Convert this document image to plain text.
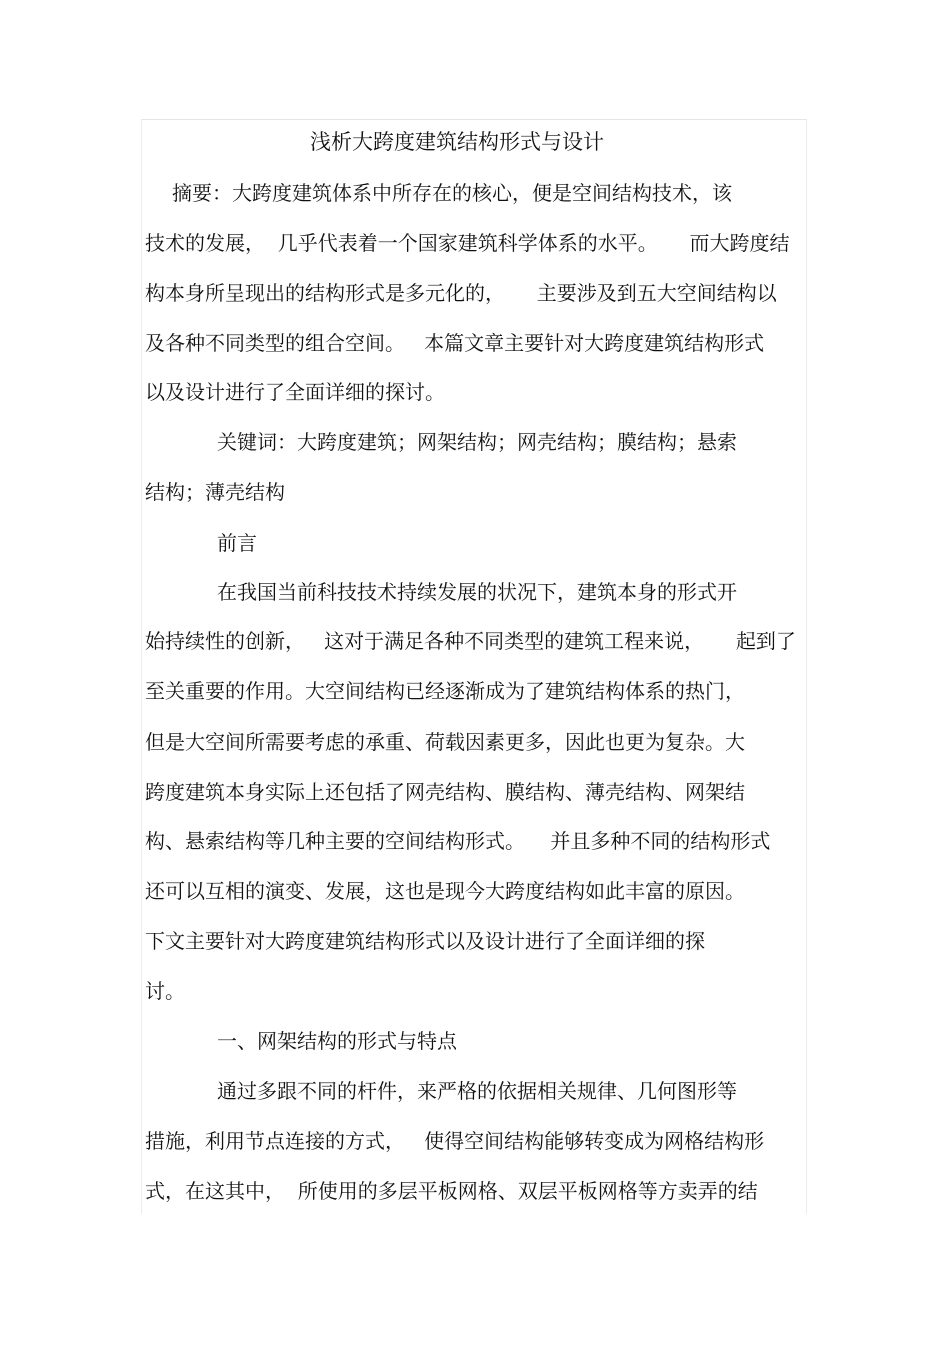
浅析大跨度建筑结构形式与设计
摘要：大跨度建筑体系中所存在的核心，便是空间结构技术，该
技术的发展，  几乎代表着一个国家建筑科学体系的水平。     而大跨度结
构本身所呈现出的结构形式是多元化的，     主要涉及到五大空间结构以
及各种不同类型的组合空间。   本篇文章主要针对大跨度建筑结构形式
以及设计进行了全面详细的探讨。
关键词：大跨度建筑；网架结构；网壳结构；膜结构；悬索
结构；薄壳结构
前言
在我国当前科技技术持续发展的状况下，建筑本身的形式开
始持续性的创新，   这对于满足各种不同类型的建筑工程来说，     起到了
至关重要的作用。大空间结构已经逐渐成为了建筑结构体系的热门，
但是大空间所需要考虑的承重、荷载因素更多，因此也更为复杂。大
跨度建筑本身实际上还包括了网壳结构、膜结构、薄壳结构、网架结
构、悬索结构等几种主要的空间结构形式。    并且多种不同的结构形式
还可以互相的演变、发展，这也是现今大跨度结构如此丰富的原因。
下文主要针对大跨度建筑结构形式以及设计进行了全面详细的探
讨。
一、网架结构的形式与特点
通过多跟不同的杆件，来严格的依据相关规律、几何图形等
措施，利用节点连接的方式，   使得空间结构能够转变成为网格结构形
式，在这其中，  所使用的多层平板网格、双层平板网格等方卖弄的结
